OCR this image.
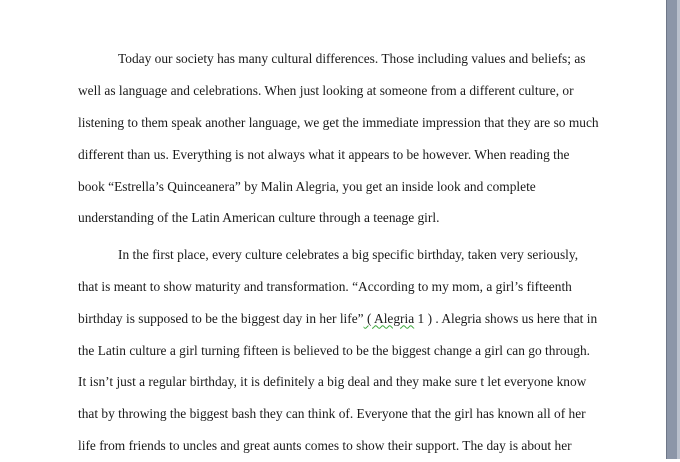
Today our society has many cultural differences. Those including values and beliefs; as
well as language and celebrations. When just looking at someone from a different culture, or
listening to them speak another language, we get the immediate impression that they are so much
different than us. Everything is not always what it appears to be however. When reading the
book “Estrella’s Quinceanera” by Malin Alegria, you get an inside look and complete
understanding of the Latin American culture through a teenage girl.
In the first place, every culture celebrates a big specific birthday, taken very seriously,
that is meant to show maturity and transformation. “According to my mom, a girl’s fifteenth
birthday is supposed to be the biggest day in her life” ( Alegria 1 ) . Alegria shows us here that in
the Latin culture a girl turning fifteen is believed to be the biggest change a girl can go through.
It isn’t just a regular birthday, it is definitely a big deal and they make sure t let everyone know
that by throwing the biggest bash they can think of. Everyone that the girl has known all of her
life from friends to uncles and great aunts comes to show their support. The day is about her
